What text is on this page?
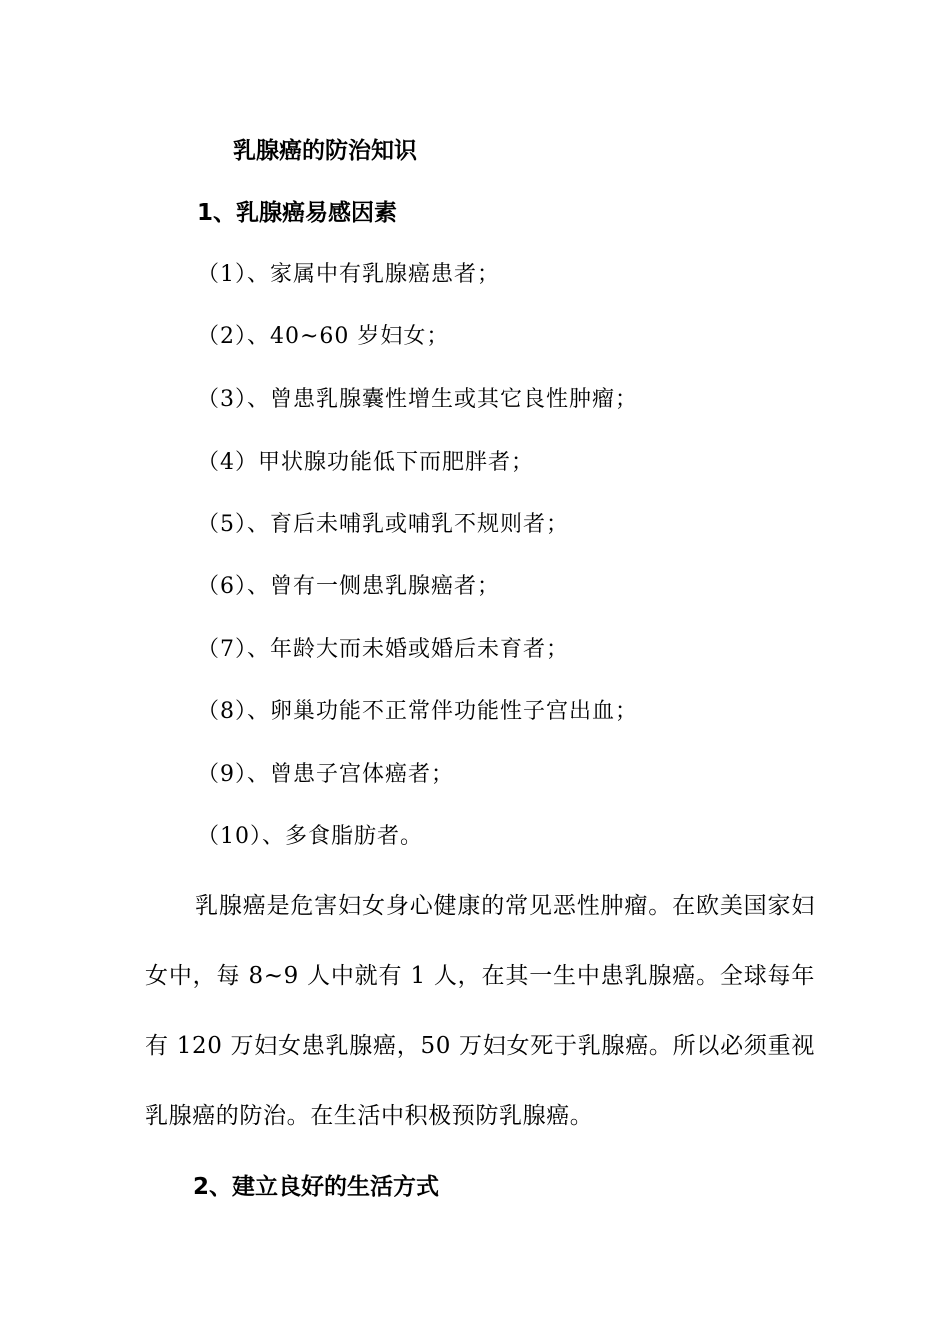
乳腺癌的防治知识
1、乳腺癌易感因素
（1）、家属中有乳腺癌患者；
（2）、40~60 岁妇女；
（3）、曾患乳腺囊性增生或其它良性肿瘤；
（4）甲状腺功能低下而肥胖者；
（5）、育后未哺乳或哺乳不规则者；
（6）、曾有一侧患乳腺癌者；
（7）、年龄大而未婚或婚后未育者；
（8）、卵巢功能不正常伴功能性子宫出血；
（9）、曾患子宫体癌者；
（10）、多食脂肪者。
乳腺癌是危害妇女身心健康的常见恶性肿瘤。在欧美国家妇女中，每 8~9 人中就有 1 人，在其一生中患乳腺癌。全球每年有 120 万妇女患乳腺癌，50 万妇女死于乳腺癌。所以必须重视乳腺癌的防治。在生活中积极预防乳腺癌。
2、建立良好的生活方式
